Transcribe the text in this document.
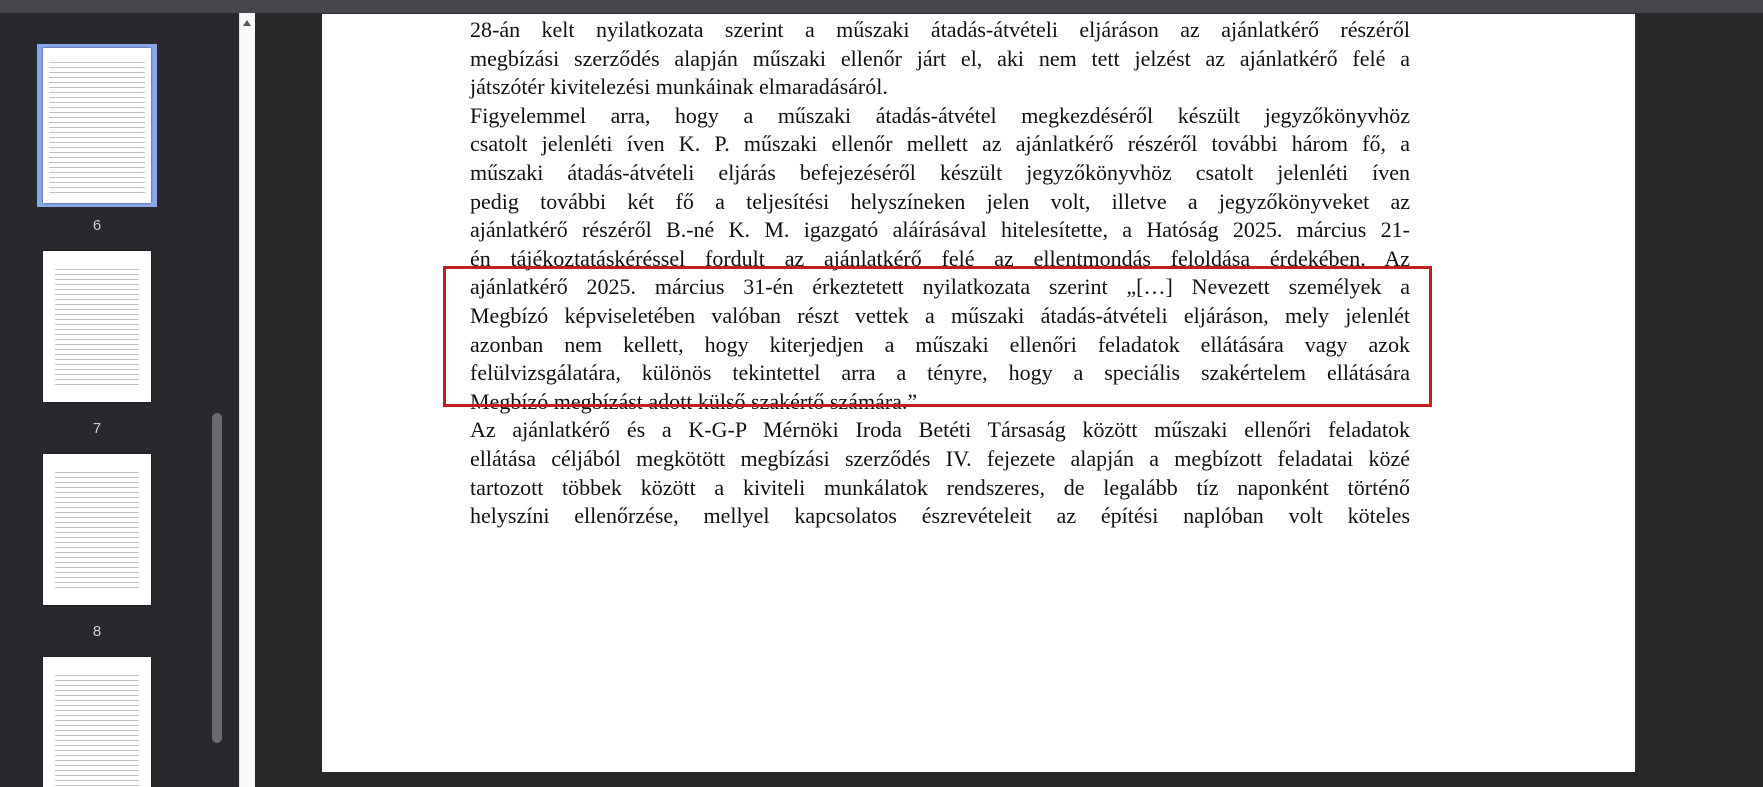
6
7
8
28-án kelt nyilatkozata szerint a műszaki átadás-átvételi eljáráson az ajánlatkérő részéről
megbízási szerződés alapján műszaki ellenőr járt el, aki nem tett jelzést az ajánlatkérő felé a
játszótér kivitelezési munkáinak elmaradásáról.
Figyelemmel arra, hogy a műszaki átadás-átvétel megkezdéséről készült jegyzőkönyvhöz
csatolt jelenléti íven K. P. műszaki ellenőr mellett az ajánlatkérő részéről további három fő, a
műszaki átadás-átvételi eljárás befejezéséről készült jegyzőkönyvhöz csatolt jelenléti íven
pedig további két fő a teljesítési helyszíneken jelen volt, illetve a jegyzőkönyveket az
ajánlatkérő részéről B.-né K. M. igazgató aláírásával hitelesítette, a Hatóság 2025. március 21-
én tájékoztatáskéréssel fordult az ajánlatkérő felé az ellentmondás feloldása érdekében. Az
ajánlatkérő 2025. március 31-én érkeztetett nyilatkozata szerint „[…] Nevezett személyek a
Megbízó képviseletében valóban részt vettek a műszaki átadás-átvételi eljáráson, mely jelenlét
azonban nem kellett, hogy kiterjedjen a műszaki ellenőri feladatok ellátására vagy azok
felülvizsgálatára, különös tekintettel arra a tényre, hogy a speciális szakértelem ellátására
Megbízó megbízást adott külső szakértő számára.”
Az ajánlatkérő és a K-G-P Mérnöki Iroda Betéti Társaság között műszaki ellenőri feladatok
ellátása céljából megkötött megbízási szerződés IV. fejezete alapján a megbízott feladatai közé
tartozott többek között a kiviteli munkálatok rendszeres, de legalább tíz naponként történő
helyszíni ellenőrzése, mellyel kapcsolatos észrevételeit az építési naplóban volt köteles
